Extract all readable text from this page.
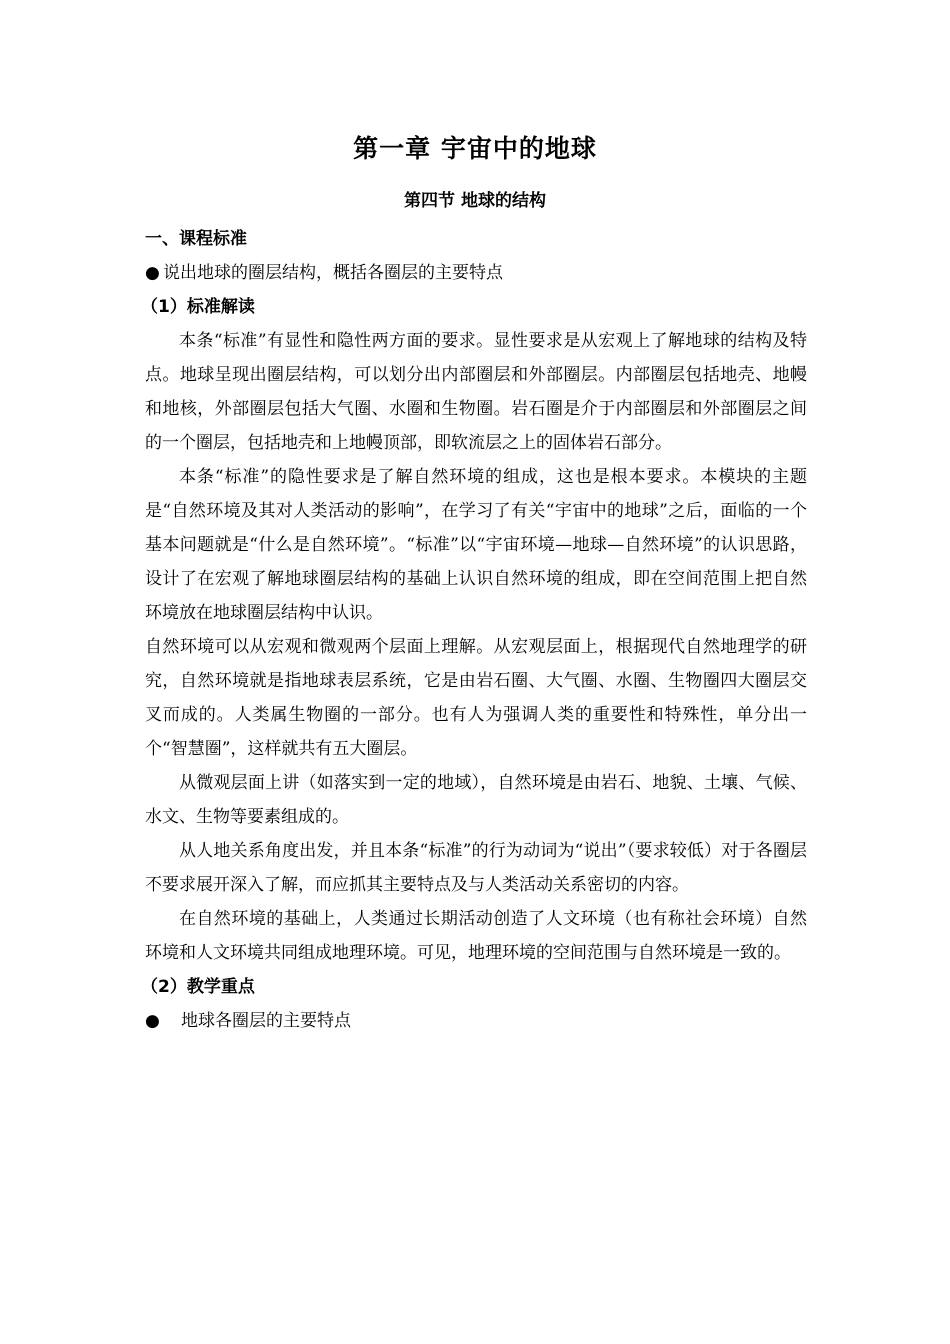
第一章 宇宙中的地球
第四节 地球的结构

一、课程标准

● 说出地球的圈层结构，概括各圈层的主要特点

（1）标准解读

本条“标准”有显性和隐性两方面的要求。显性要求是从宏观上了解地球的结构及特点。地球呈现出圈层结构，可以划分出内部圈层和外部圈层。内部圈层包括地壳、地幔和地核，外部圈层包括大气圈、水圈和生物圈。岩石圈是介于内部圈层和外部圈层之间的一个圈层，包括地壳和上地幔顶部，即软流层之上的固体岩石部分。

本条“标准”的隐性要求是了解自然环境的组成，这也是根本要求。本模块的主题是“自然环境及其对人类活动的影响”，在学习了有关“宇宙中的地球”之后，面临的一个基本问题就是“什么是自然环境”。“标准”以“宇宙环境—地球—自然环境”的认识思路，设计了在宏观了解地球圈层结构的基础上认识自然环境的组成，即在空间范围上把自然环境放在地球圈层结构中认识。

自然环境可以从宏观和微观两个层面上理解。从宏观层面上，根据现代自然地理学的研究，自然环境就是指地球表层系统，它是由岩石圈、大气圈、水圈、生物圈四大圈层交叉而成的。人类属生物圈的一部分。也有人为强调人类的重要性和特殊性，单分出一个“智慧圈”，这样就共有五大圈层。

从微观层面上讲（如落实到一定的地域），自然环境是由岩石、地貌、土壤、气候、水文、生物等要素组成的。

从人地关系角度出发，并且本条“标准”的行为动词为“说出”（要求较低）对于各圈层不要求展开深入了解，而应抓其主要特点及与人类活动关系密切的内容。

在自然环境的基础上，人类通过长期活动创造了人文环境（也有称社会环境）自然环境和人文环境共同组成地理环境。可见，地理环境的空间范围与自然环境是一致的。

（2）教学重点

●	地球各圈层的主要特点
